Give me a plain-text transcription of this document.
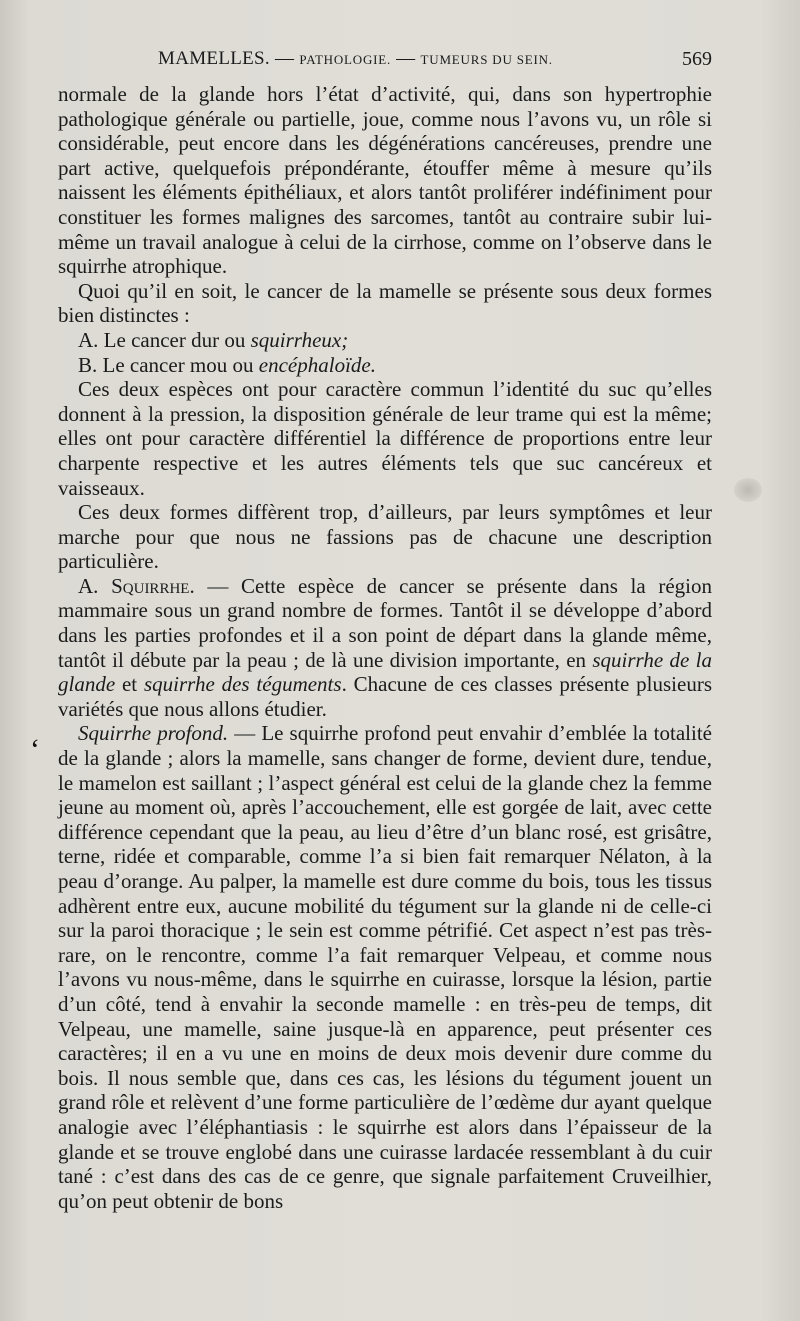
MAMELLES. — PATHOLOGIE. — TUMEURS DU SEIN.	569

normale de la glande hors l’état d’activité, qui, dans son hypertrophie pathologique générale ou partielle, joue, comme nous l’avons vu, un rôle si considérable, peut encore dans les dégénérations cancéreuses, prendre une part active, quelquefois prépondérante, étouffer même à mesure qu’ils naissent les éléments épithéliaux, et alors tantôt proliférer indéfiniment pour constituer les formes malignes des sarcomes, tantôt au contraire subir lui-même un travail analogue à celui de la cirrhose, comme on l’observe dans le squirrhe atrophique.

Quoi qu’il en soit, le cancer de la mamelle se présente sous deux formes bien distinctes :

A. Le cancer dur ou squirrheux;

B. Le cancer mou ou encéphaloïde.

Ces deux espèces ont pour caractère commun l’identité du suc qu’elles donnent à la pression, la disposition générale de leur trame qui est la même; elles ont pour caractère différentiel la différence de proportions entre leur charpente respective et les autres éléments tels que suc cancéreux et vaisseaux.

Ces deux formes diffèrent trop, d’ailleurs, par leurs symptômes et leur marche pour que nous ne fassions pas de chacune une description particulière.

A. Squirrhe. — Cette espèce de cancer se présente dans la région mammaire sous un grand nombre de formes. Tantôt il se développe d’abord dans les parties profondes et il a son point de départ dans la glande même, tantôt il débute par la peau ; de là une division importante, en squirrhe de la glande et squirrhe des téguments. Chacune de ces classes présente plusieurs variétés que nous allons étudier.

Squirrhe profond. — Le squirrhe profond peut envahir d’emblée la totalité de la glande ; alors la mamelle, sans changer de forme, devient dure, tendue, le mamelon est saillant ; l’aspect général est celui de la glande chez la femme jeune au moment où, après l’accouchement, elle est gorgée de lait, avec cette différence cependant que la peau, au lieu d’être d’un blanc rosé, est grisâtre, terne, ridée et comparable, comme l’a si bien fait remarquer Nélaton, à la peau d’orange. Au palper, la mamelle est dure comme du bois, tous les tissus adhèrent entre eux, aucune mobilité du tégument sur la glande ni de celle-ci sur la paroi thoracique ; le sein est comme pétrifié. Cet aspect n’est pas très-rare, on le rencontre, comme l’a fait remarquer Velpeau, et comme nous l’avons vu nous-même, dans le squirrhe en cuirasse, lorsque la lésion, partie d’un côté, tend à envahir la seconde mamelle : en très-peu de temps, dit Velpeau, une mamelle, saine jusque-là en apparence, peut présenter ces caractères; il en a vu une en moins de deux mois devenir dure comme du bois. Il nous semble que, dans ces cas, les lésions du tégument jouent un grand rôle et relèvent d’une forme particulière de l’œdème dur ayant quelque analogie avec l’éléphantiasis : le squirrhe est alors dans l’épaisseur de la glande et se trouve englobé dans une cuirasse lardacée ressemblant à du cuir tané : c’est dans des cas de ce genre, que signale parfaitement Cruveilhier, qu’on peut obtenir de bons

ʻ
